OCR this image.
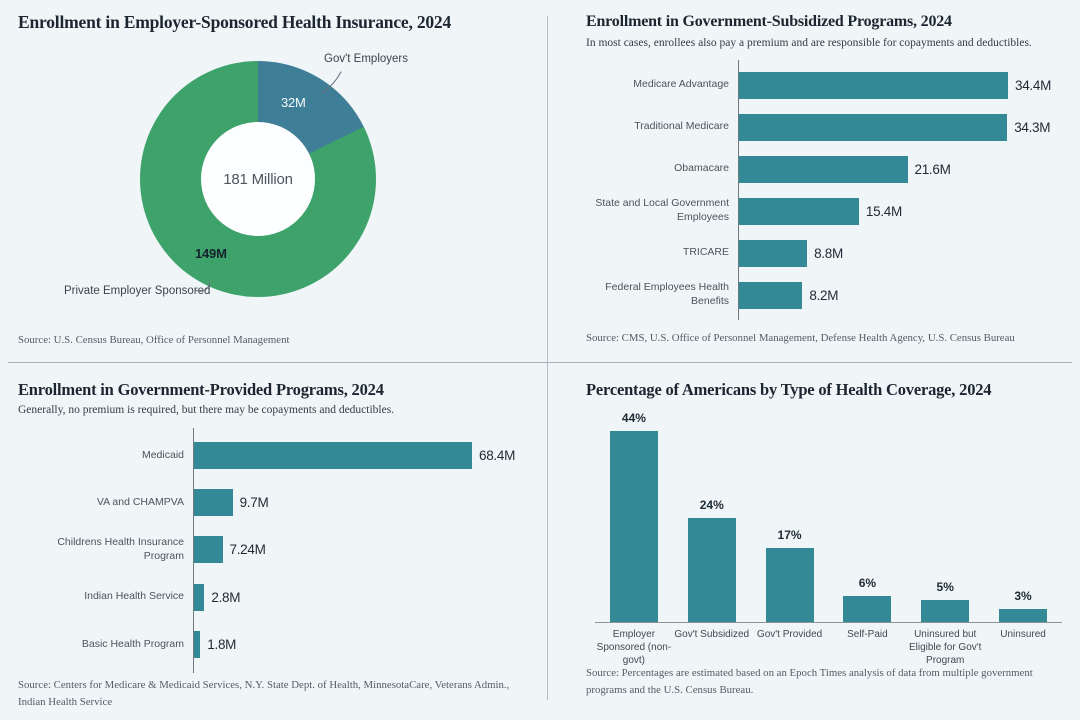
Enrollment in Employer-Sponsored Health Insurance, 2024
181 Million
32M
149M
Gov't Employers
Private Employer Sponsored

Source: U.S. Census Bureau, Office of Personnel Management

Enrollment in Government-Subsidized Programs, 2024

In most cases, enrollees also pay a premium and are responsible for copayments and deductibles.

Medicare Advantage	34.4M
Traditional Medicare	34.3M
Obamacare	21.6M
State and Local Government Employees	15.4M
TRICARE	8.8M
Federal Employees Health Benefits	8.2M

Source: CMS, U.S. Office of Personnel Management, Defense Health Agency, U.S. Census Bureau

Enrollment in Government-Provided Programs, 2024

Generally, no premium is required, but there may be copayments and deductibles.

Medicaid	68.4M
VA and CHAMPVA	9.7M
Childrens Health Insurance Program	7.24M
Indian Health Service	2.8M
Basic Health Program	1.8M

Source: Centers for Medicare & Medicaid Services, N.Y. State Dept. of Health, MinnesotaCare, Veterans Admin., Indian Health Service

Percentage of Americans by Type of Health Coverage, 2024
44%
Employer Sponsored (non-govt)
24%
Gov't Subsidized
17%
Gov't Provided
6%
Self-Paid
5%
Uninsured but Eligible for Gov't Program
3%
Uninsured

Source: Percentages are estimated based on an Epoch Times analysis of data from multiple government programs and the U.S. Census Bureau.
